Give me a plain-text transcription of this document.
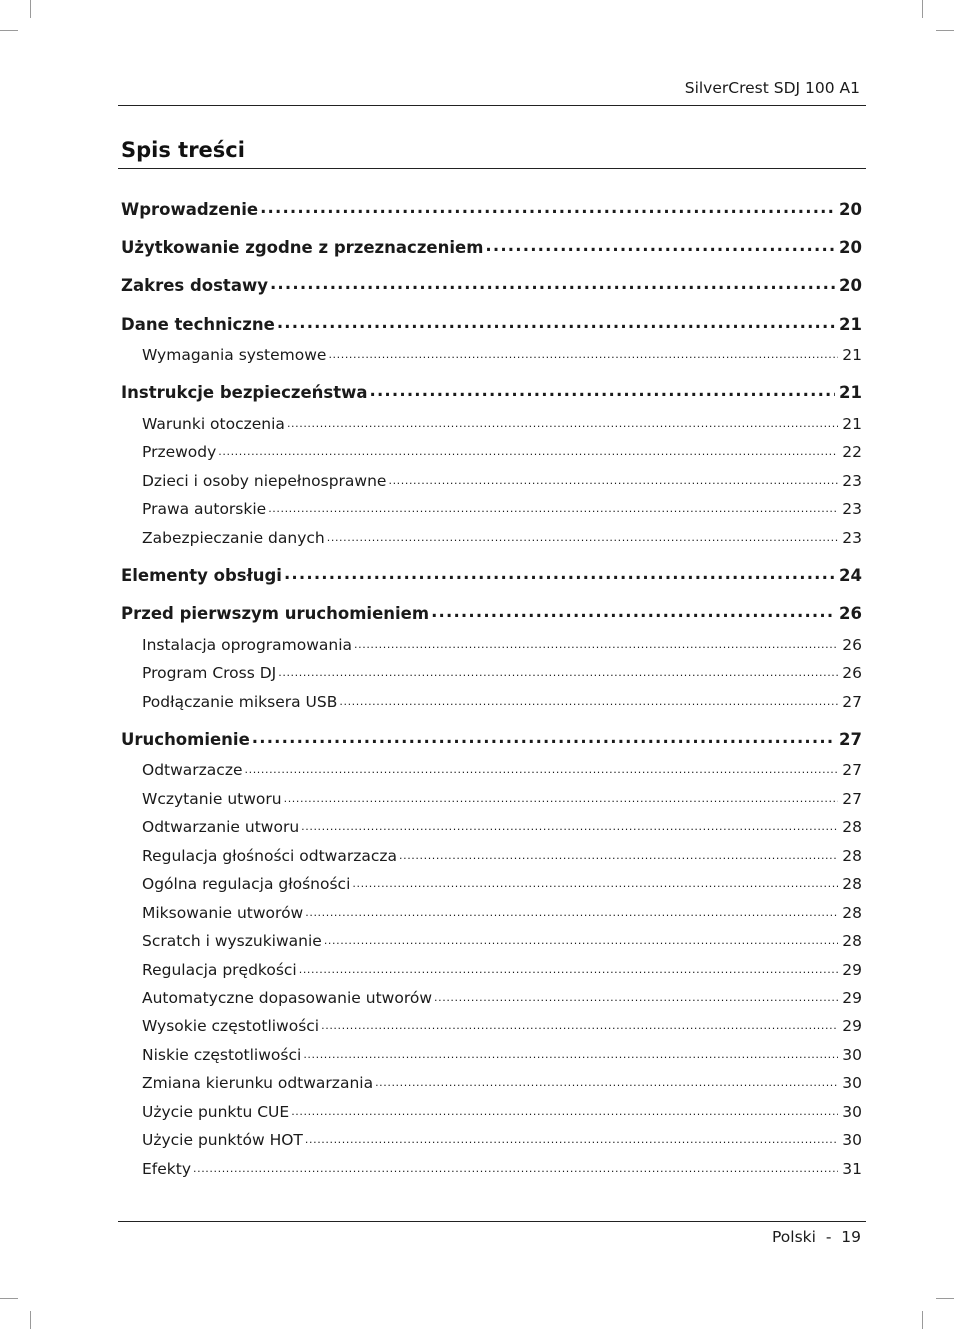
SilverCrest SDJ 100 A1
Spis treści
Wprowadzenie .....	20
Użytkowanie zgodne z przeznaczeniem .....	20
Zakres dostawy .....	20
Dane techniczne .....	21
Wymagania systemowe .....	21
Instrukcje bezpieczeństwa .....	21
Warunki otoczenia .....	21
Przewody .....	22
Dzieci i osoby niepełnosprawne .....	23
Prawa autorskie .....	23
Zabezpieczanie danych .....	23
Elementy obsługi .....	24
Przed pierwszym uruchomieniem .....	26
Instalacja oprogramowania .....	26
Program Cross DJ .....	26
Podłączanie miksera USB .....	27
Uruchomienie .....	27
Odtwarzacze .....	27
Wczytanie utworu .....	27
Odtwarzanie utworu .....	28
Regulacja głośności odtwarzacza .....	28
Ogólna regulacja głośności .....	28
Miksowanie utworów .....	28
Scratch i wyszukiwanie .....	28
Regulacja prędkości .....	29
Automatyczne dopasowanie utworów .....	29
Wysokie częstotliwości .....	29
Niskie częstotliwości .....	30
Zmiana kierunku odtwarzania .....	30
Użycie punktu CUE .....	30
Użycie punktów HOT .....	30
Efekty .....	31
Polski - 19
